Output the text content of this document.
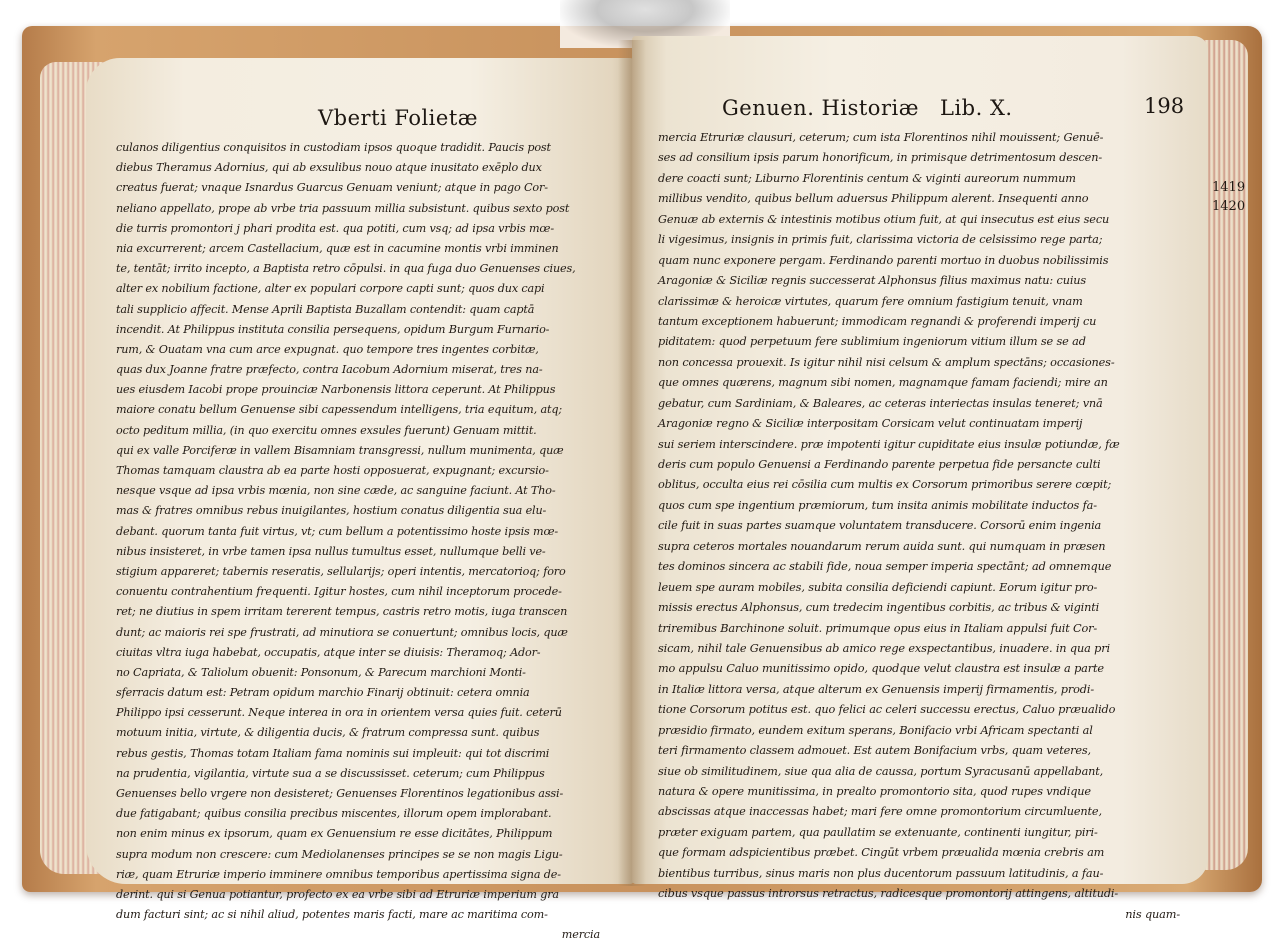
Vberti Folietæ
culanos diligentius conquisitos in custodiam ipsos quoque tradidit. Paucis post
diebus Theramus Adornius, qui ab exsulibus nouo atque inusitato exēplo dux
creatus fuerat; vnaque Isnardus Guarcus Genuam veniunt; atque in pago Cor-
neliano appellato, prope ab vrbe tria passuum millia subsistunt. quibus sexto post
die turris promontori j phari prodita est. qua potiti, cum vsq; ad ipsa vrbis mœ-
nia excurrerent; arcem Castellacium, quæ est in cacumine montis vrbi imminen
te, tentāt; irrito incepto, a Baptista retro cōpulsi. in qua fuga duo Genuenses ciues,
alter ex nobilium factione, alter ex populari corpore capti sunt; quos dux capi
tali supplicio affecit. Mense Aprili Baptista Buzallam contendit: quam captā
incendit. At Philippus instituta consilia persequens, opidum Burgum Furnario-
rum, & Ouatam vna cum arce expugnat. quo tempore tres ingentes corbitæ,
quas dux Joanne fratre præfecto, contra Iacobum Adornium miserat, tres na-
ues eiusdem Iacobi prope prouinciæ Narbonensis littora ceperunt. At Philippus
maiore conatu bellum Genuense sibi capessendum intelligens, tria equitum, atq;
octo peditum millia, (in quo exercitu omnes exsules fuerunt) Genuam mittit.
qui ex valle Porciferæ in vallem Bisamniam transgressi, nullum munimenta, quæ
Thomas tamquam claustra ab ea parte hosti opposuerat, expugnant; excursio-
nesque vsque ad ipsa vrbis mœnia, non sine cæde, ac sanguine faciunt. At Tho-
mas & fratres omnibus rebus inuigilantes, hostium conatus diligentia sua elu-
debant. quorum tanta fuit virtus, vt; cum bellum a potentissimo hoste ipsis mœ-
nibus insisteret, in vrbe tamen ipsa nullus tumultus esset, nullumque belli ve-
stigium appareret; tabernis reseratis, sellularijs; operi intentis, mercatorioq; foro
conuentu contrahentium frequenti. Igitur hostes, cum nihil inceptorum procede-
ret; ne diutius in spem irritam tererent tempus, castris retro motis, iuga transcen
dunt; ac maioris rei spe frustrati, ad minutiora se conuertunt; omnibus locis, quæ
ciuitas vltra iuga habebat, occupatis, atque inter se diuisis: Theramoq; Ador-
no Capriata, & Taliolum obuenit: Ponsonum, & Parecum marchioni Monti-
sferracis datum est: Petram opidum marchio Finarij obtinuit: cetera omnia
Philippo ipsi cesserunt. Neque interea in ora in orientem versa quies fuit. ceterū
motuum initia, virtute, & diligentia ducis, & fratrum compressa sunt. quibus
rebus gestis, Thomas totam Italiam fama nominis sui impleuit: qui tot discrimi
na prudentia, vigilantia, virtute sua a se discussisset. ceterum; cum Philippus
Genuenses bello vrgere non desisteret; Genuenses Florentinos legationibus assi-
due fatigabant; quibus consilia precibus miscentes, illorum opem implorabant.
non enim minus ex ipsorum, quam ex Genuensium re esse dicitātes, Philippum
supra modum non crescere: cum Mediolanenses principes se se non magis Ligu-
riæ, quam Etruriæ imperio imminere omnibus temporibus apertissima signa de-
derint. qui si Genua potiantur, profecto ex ea vrbe sibi ad Etruriæ imperium gra
dum facturi sint; ac si nihil aliud, potentes maris facti, mare ac maritima com-
mercia
Genuen. Historiæ Lib. X.	198
mercia Etruriæ clausuri, ceterum; cum ista Florentinos nihil mouissent; Genuē-
ses ad consilium ipsis parum honorificum, in primisque detrimentosum descen-
dere coacti sunt; Liburno Florentinis centum & viginti aureorum nummum
millibus vendito, quibus bellum aduersus Philippum alerent. Insequenti anno
Genuæ ab externis & intestinis motibus otium fuit, at qui insecutus est eius secu
li vigesimus, insignis in primis fuit, clarissima victoria de celsissimo rege parta;
quam nunc exponere pergam. Ferdinando parenti mortuo in duobus nobilissimis
Aragoniæ & Siciliæ regnis successerat Alphonsus filius maximus natu: cuius
clarissimæ & heroicæ virtutes, quarum fere omnium fastigium tenuit, vnam
tantum exceptionem habuerunt; immodicam regnandi & proferendi imperij cu
piditatem: quod perpetuum fere sublimium ingeniorum vitium illum se se ad
non concessa prouexit. Is igitur nihil nisi celsum & amplum spectāns; occasiones-
que omnes quærens, magnum sibi nomen, magnamque famam faciendi; mire an
gebatur, cum Sardiniam, & Baleares, ac ceteras interiectas insulas teneret; vnā
Aragoniæ regno & Siciliæ interpositam Corsicam velut continuatam imperij
sui seriem interscindere. præ impotenti igitur cupiditate eius insulæ potiundæ, fæ
deris cum populo Genuensi a Ferdinando parente perpetua fide persancte culti
oblitus, occulta eius rei cōsilia cum multis ex Corsorum primoribus serere cœpit;
quos cum spe ingentium præmiorum, tum insita animis mobilitate inductos fa-
cile fuit in suas partes suamque voluntatem transducere. Corsorū enim ingenia
supra ceteros mortales nouandarum rerum auida sunt. qui numquam in præsen
tes dominos sincera ac stabili fide, noua semper imperia spectānt; ad omnemque
leuem spe auram mobiles, subita consilia deficiendi capiunt. Eorum igitur pro-
missis erectus Alphonsus, cum tredecim ingentibus corbitis, ac tribus & viginti
triremibus Barchinone soluit. primumque opus eius in Italiam appulsi fuit Cor-
sicam, nihil tale Genuensibus ab amico rege exspectantibus, inuadere. in qua pri
mo appulsu Caluo munitissimo opido, quodque velut claustra est insulæ a parte
in Italiæ littora versa, atque alterum ex Genuensis imperij firmamentis, prodi-
tione Corsorum potitus est. quo felici ac celeri successu erectus, Caluo præualido
præsidio firmato, eundem exitum sperans, Bonifacio vrbi Africam spectanti al
teri firmamento classem admouet. Est autem Bonifacium vrbs, quam veteres,
siue ob similitudinem, siue qua alia de caussa, portum Syracusanū appellabant,
natura & opere munitissima, in prealto promontorio sita, quod rupes vndique
abscissas atque inaccessas habet; mari fere omne promontorium circumluente,
præter exiguam partem, qua paullatim se extenuante, continenti iungitur, piri-
que formam adspicientibus præbet. Cingūt vrbem præualida mœnia crebris am
bientibus turribus, sinus maris non plus ducentorum passuum latitudinis, a fau-
cibus vsque passus introrsus retractus, radicesque promontorij attingens, altitudi-
nis quam-
1419
1420
